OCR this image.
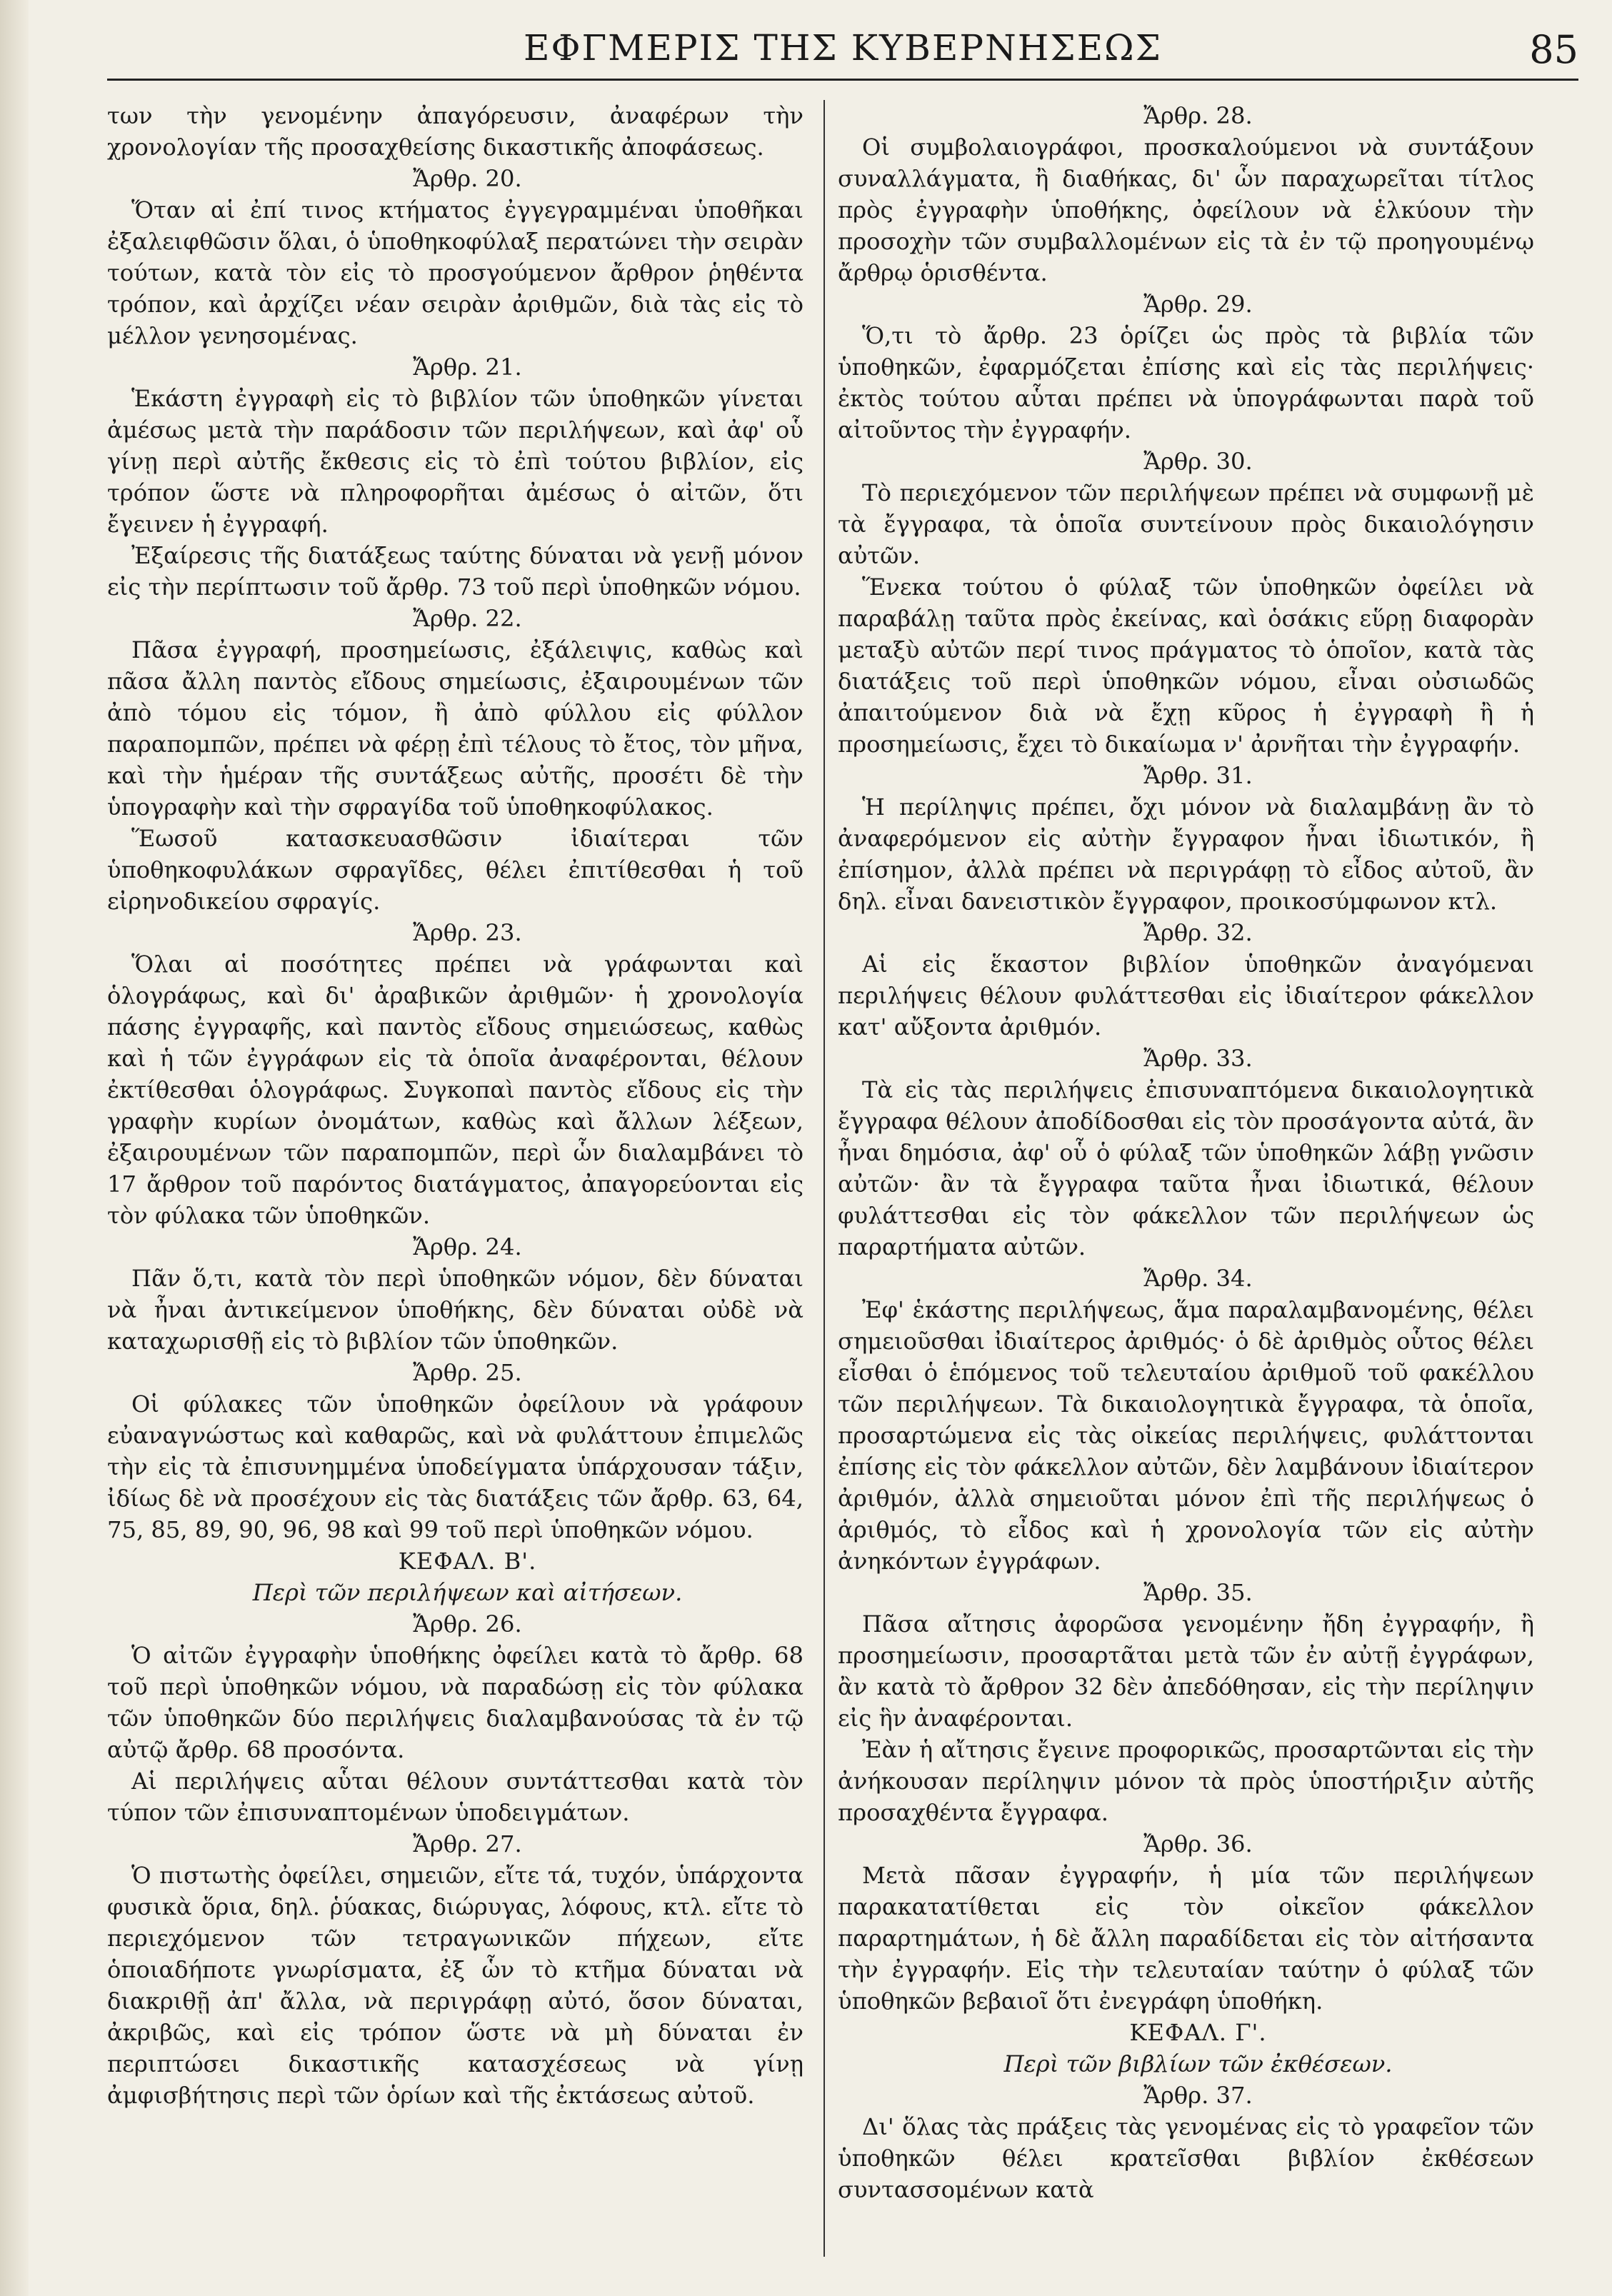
ΕΦΓΜΕΡΙΣ ΤΗΣ ΚΥΒΕΡΝΗΣΕΩΣ	85

των τὴν γενομένην ἀπαγόρευσιν, ἀναφέρων τὴν χρονολογίαν τῆς προσαχθείσης δικαστικῆς ἀποφάσεως.

Ἄρθρ. 20.

Ὅταν αἱ ἐπί τινος κτήματος ἐγγεγραμμέναι ὑποθῆκαι ἐξαλειφθῶσιν ὅλαι, ὁ ὑποθηκοφύλαξ περατώνει τὴν σειρὰν τούτων, κατὰ τὸν εἰς τὸ προσγούμενον ἄρθρον ῥηθέντα τρόπον, καὶ ἀρχίζει νέαν σειρὰν ἀριθμῶν, διὰ τὰς εἰς τὸ μέλλον γενησομένας.

Ἄρθρ. 21.

Ἑκάστη ἐγγραφὴ εἰς τὸ βιβλίον τῶν ὑποθηκῶν γίνεται ἀμέσως μετὰ τὴν παράδοσιν τῶν περιλήψεων, καὶ ἀφ' οὗ γίνῃ περὶ αὐτῆς ἔκθεσις εἰς τὸ ἐπὶ τούτου βιβλίον, εἰς τρόπον ὥστε νὰ πληροφορῆται ἀμέσως ὁ αἰτῶν, ὅτι ἔγεινεν ἡ ἐγγραφή.

Ἐξαίρεσις τῆς διατάξεως ταύτης δύναται νὰ γενῇ μόνον εἰς τὴν περίπτωσιν τοῦ ἄρθρ. 73 τοῦ περὶ ὑποθηκῶν νόμου.

Ἄρθρ. 22.

Πᾶσα ἐγγραφή, προσημείωσις, ἐξάλειψις, καθὼς καὶ πᾶσα ἄλλη παντὸς εἴδους σημείωσις, ἐξαιρουμένων τῶν ἀπὸ τόμου εἰς τόμον, ἢ ἀπὸ φύλλου εἰς φύλλον παραπομπῶν, πρέπει νὰ φέρῃ ἐπὶ τέλους τὸ ἔτος, τὸν μῆνα, καὶ τὴν ἡμέραν τῆς συντάξεως αὐτῆς, προσέτι δὲ τὴν ὑπογραφὴν καὶ τὴν σφραγίδα τοῦ ὑποθηκοφύλακος.

Ἕωσοῦ κατασκευασθῶσιν ἰδιαίτεραι τῶν ὑποθηκοφυλάκων σφραγῖδες, θέλει ἐπιτίθεσθαι ἡ τοῦ εἰρηνοδικείου σφραγίς.

Ἄρθρ. 23.

Ὅλαι αἱ ποσότητες πρέπει νὰ γράφωνται καὶ ὁλογράφως, καὶ δι' ἀραβικῶν ἀριθμῶν· ἡ χρονολογία πάσης ἐγγραφῆς, καὶ παντὸς εἴδους σημειώσεως, καθὼς καὶ ἡ τῶν ἐγγράφων εἰς τὰ ὁποῖα ἀναφέρονται, θέλουν ἐκτίθεσθαι ὁλογράφως. Συγκοπαὶ παντὸς εἴδους εἰς τὴν γραφὴν κυρίων ὀνομάτων, καθὼς καὶ ἄλλων λέξεων, ἐξαιρουμένων τῶν παραπομπῶν, περὶ ὧν διαλαμβάνει τὸ 17 ἄρθρον τοῦ παρόντος διατάγματος, ἀπαγορεύονται εἰς τὸν φύλακα τῶν ὑποθηκῶν.

Ἄρθρ. 24.

Πᾶν ὅ,τι, κατὰ τὸν περὶ ὑποθηκῶν νόμον, δὲν δύναται νὰ ἦναι ἀντικείμενον ὑποθήκης, δὲν δύναται οὐδὲ νὰ καταχωρισθῇ εἰς τὸ βιβλίον τῶν ὑποθηκῶν.

Ἄρθρ. 25.

Οἱ φύλακες τῶν ὑποθηκῶν ὀφείλουν νὰ γράφουν εὐαναγνώστως καὶ καθαρῶς, καὶ νὰ φυλάττουν ἐπιμελῶς τὴν εἰς τὰ ἐπισυνημμένα ὑποδείγματα ὑπάρχουσαν τάξιν, ἰδίως δὲ νὰ προσέχουν εἰς τὰς διατάξεις τῶν ἄρθρ. 63, 64, 75, 85, 89, 90, 96, 98 καὶ 99 τοῦ περὶ ὑποθηκῶν νόμου.

ΚΕΦΑΛ. Β'.

Περὶ τῶν περιλήψεων καὶ αἰτήσεων.

Ἄρθρ. 26.

Ὁ αἰτῶν ἐγγραφὴν ὑποθήκης ὀφείλει κατὰ τὸ ἄρθρ. 68 τοῦ περὶ ὑποθηκῶν νόμου, νὰ παραδώσῃ εἰς τὸν φύλακα τῶν ὑποθηκῶν δύο περιλήψεις διαλαμβανούσας τὰ ἐν τῷ αὐτῷ ἄρθρ. 68 προσόντα.

Αἱ περιλήψεις αὗται θέλουν συντάττεσθαι κατὰ τὸν τύπον τῶν ἐπισυναπτομένων ὑποδειγμάτων.

Ἄρθρ. 27.

Ὁ πιστωτὴς ὀφείλει, σημειῶν, εἴτε τά, τυχόν, ὑπάρχοντα φυσικὰ ὅρια, δηλ. ῥύακας, διώρυγας, λόφους, κτλ. εἴτε τὸ περιεχόμενον τῶν τετραγωνικῶν πήχεων, εἴτε ὁποιαδήποτε γνωρίσματα, ἐξ ὧν τὸ κτῆμα δύναται νὰ διακριθῇ ἀπ' ἄλλα, νὰ περιγράφῃ αὐτό, ὅσον δύναται, ἀκριβῶς, καὶ εἰς τρόπον ὥστε νὰ μὴ δύναται ἐν περιπτώσει δικαστικῆς κατασχέσεως νὰ γίνῃ ἀμφισβήτησις περὶ τῶν ὁρίων καὶ τῆς ἐκτάσεως αὐτοῦ.

Ἄρθρ. 28.

Οἱ συμβολαιογράφοι, προσκαλούμενοι νὰ συντάξουν συναλλάγματα, ἢ διαθήκας, δι' ὧν παραχωρεῖται τίτλος πρὸς ἐγγραφὴν ὑποθήκης, ὀφείλουν νὰ ἑλκύουν τὴν προσοχὴν τῶν συμβαλλομένων εἰς τὰ ἐν τῷ προηγουμένῳ ἄρθρῳ ὁρισθέντα.

Ἄρθρ. 29.

Ὅ,τι τὸ ἄρθρ. 23 ὁρίζει ὡς πρὸς τὰ βιβλία τῶν ὑποθηκῶν, ἐφαρμόζεται ἐπίσης καὶ εἰς τὰς περιλήψεις· ἐκτὸς τούτου αὗται πρέπει νὰ ὑπογράφωνται παρὰ τοῦ αἰτοῦντος τὴν ἐγγραφήν.

Ἄρθρ. 30.

Τὸ περιεχόμενον τῶν περιλήψεων πρέπει νὰ συμφωνῇ μὲ τὰ ἔγγραφα, τὰ ὁποῖα συντείνουν πρὸς δικαιολόγησιν αὐτῶν.

Ἕνεκα τούτου ὁ φύλαξ τῶν ὑποθηκῶν ὀφείλει νὰ παραβάλῃ ταῦτα πρὸς ἐκείνας, καὶ ὁσάκις εὕρῃ διαφορὰν μεταξὺ αὐτῶν περί τινος πράγματος τὸ ὁποῖον, κατὰ τὰς διατάξεις τοῦ περὶ ὑποθηκῶν νόμου, εἶναι οὐσιωδῶς ἀπαιτούμενον διὰ νὰ ἔχῃ κῦρος ἡ ἐγγραφὴ ἢ ἡ προσημείωσις, ἔχει τὸ δικαίωμα ν' ἀρνῆται τὴν ἐγγραφήν.

Ἄρθρ. 31.

Ἡ περίληψις πρέπει, ὄχι μόνον νὰ διαλαμβάνῃ ἂν τὸ ἀναφερόμενον εἰς αὐτὴν ἔγγραφον ἦναι ἰδιωτικόν, ἢ ἐπίσημον, ἀλλὰ πρέπει νὰ περιγράφῃ τὸ εἶδος αὐτοῦ, ἂν δηλ. εἶναι δανειστικὸν ἔγγραφον, προικοσύμφωνον κτλ.

Ἄρθρ. 32.

Αἱ εἰς ἕκαστον βιβλίον ὑποθηκῶν ἀναγόμεναι περιλήψεις θέλουν φυλάττεσθαι εἰς ἰδιαίτερον φάκελλον κατ' αὔξοντα ἀριθμόν.

Ἄρθρ. 33.

Τὰ εἰς τὰς περιλήψεις ἐπισυναπτόμενα δικαιολογητικὰ ἔγγραφα θέλουν ἀποδίδοσθαι εἰς τὸν προσάγοντα αὐτά, ἂν ἦναι δημόσια, ἀφ' οὗ ὁ φύλαξ τῶν ὑποθηκῶν λάβῃ γνῶσιν αὐτῶν· ἂν τὰ ἔγγραφα ταῦτα ἦναι ἰδιωτικά, θέλουν φυλάττεσθαι εἰς τὸν φάκελλον τῶν περιλήψεων ὡς παραρτήματα αὐτῶν.

Ἄρθρ. 34.

Ἐφ' ἑκάστης περιλήψεως, ἅμα παραλαμβανομένης, θέλει σημειοῦσθαι ἰδιαίτερος ἀριθμός· ὁ δὲ ἀριθμὸς οὗτος θέλει εἶσθαι ὁ ἑπόμενος τοῦ τελευταίου ἀριθμοῦ τοῦ φακέλλου τῶν περιλήψεων. Τὰ δικαιολογητικὰ ἔγγραφα, τὰ ὁποῖα, προσαρτώμενα εἰς τὰς οἰκείας περιλήψεις, φυλάττονται ἐπίσης εἰς τὸν φάκελλον αὐτῶν, δὲν λαμβάνουν ἰδιαίτερον ἀριθμόν, ἀλλὰ σημειοῦται μόνον ἐπὶ τῆς περιλήψεως ὁ ἀριθμός, τὸ εἶδος καὶ ἡ χρονολογία τῶν εἰς αὐτὴν ἀνηκόντων ἐγγράφων.

Ἄρθρ. 35.

Πᾶσα αἴτησις ἀφορῶσα γενομένην ἤδη ἐγγραφήν, ἢ προσημείωσιν, προσαρτᾶται μετὰ τῶν ἐν αὐτῇ ἐγγράφων, ἂν κατὰ τὸ ἄρθρον 32 δὲν ἀπεδόθησαν, εἰς τὴν περίληψιν εἰς ἣν ἀναφέρονται.

Ἐὰν ἡ αἴτησις ἔγεινε προφορικῶς, προσαρτῶνται εἰς τὴν ἀνήκουσαν περίληψιν μόνον τὰ πρὸς ὑποστήριξιν αὐτῆς προσαχθέντα ἔγγραφα.

Ἄρθρ. 36.

Μετὰ πᾶσαν ἐγγραφήν, ἡ μία τῶν περιλήψεων παρακατατίθεται εἰς τὸν οἰκεῖον φάκελλον παραρτημάτων, ἡ δὲ ἄλλη παραδίδεται εἰς τὸν αἰτήσαντα τὴν ἐγγραφήν. Εἰς τὴν τελευταίαν ταύτην ὁ φύλαξ τῶν ὑποθηκῶν βεβαιοῖ ὅτι ἐνεγράφη ὑποθήκη.

ΚΕΦΑΛ. Γ'.

Περὶ τῶν βιβλίων τῶν ἐκθέσεων.

Ἄρθρ. 37.

Δι' ὅλας τὰς πράξεις τὰς γενομένας εἰς τὸ γραφεῖον τῶν ὑποθηκῶν θέλει κρατεῖσθαι βιβλίον ἐκθέσεων συντασσομένων κατὰ
